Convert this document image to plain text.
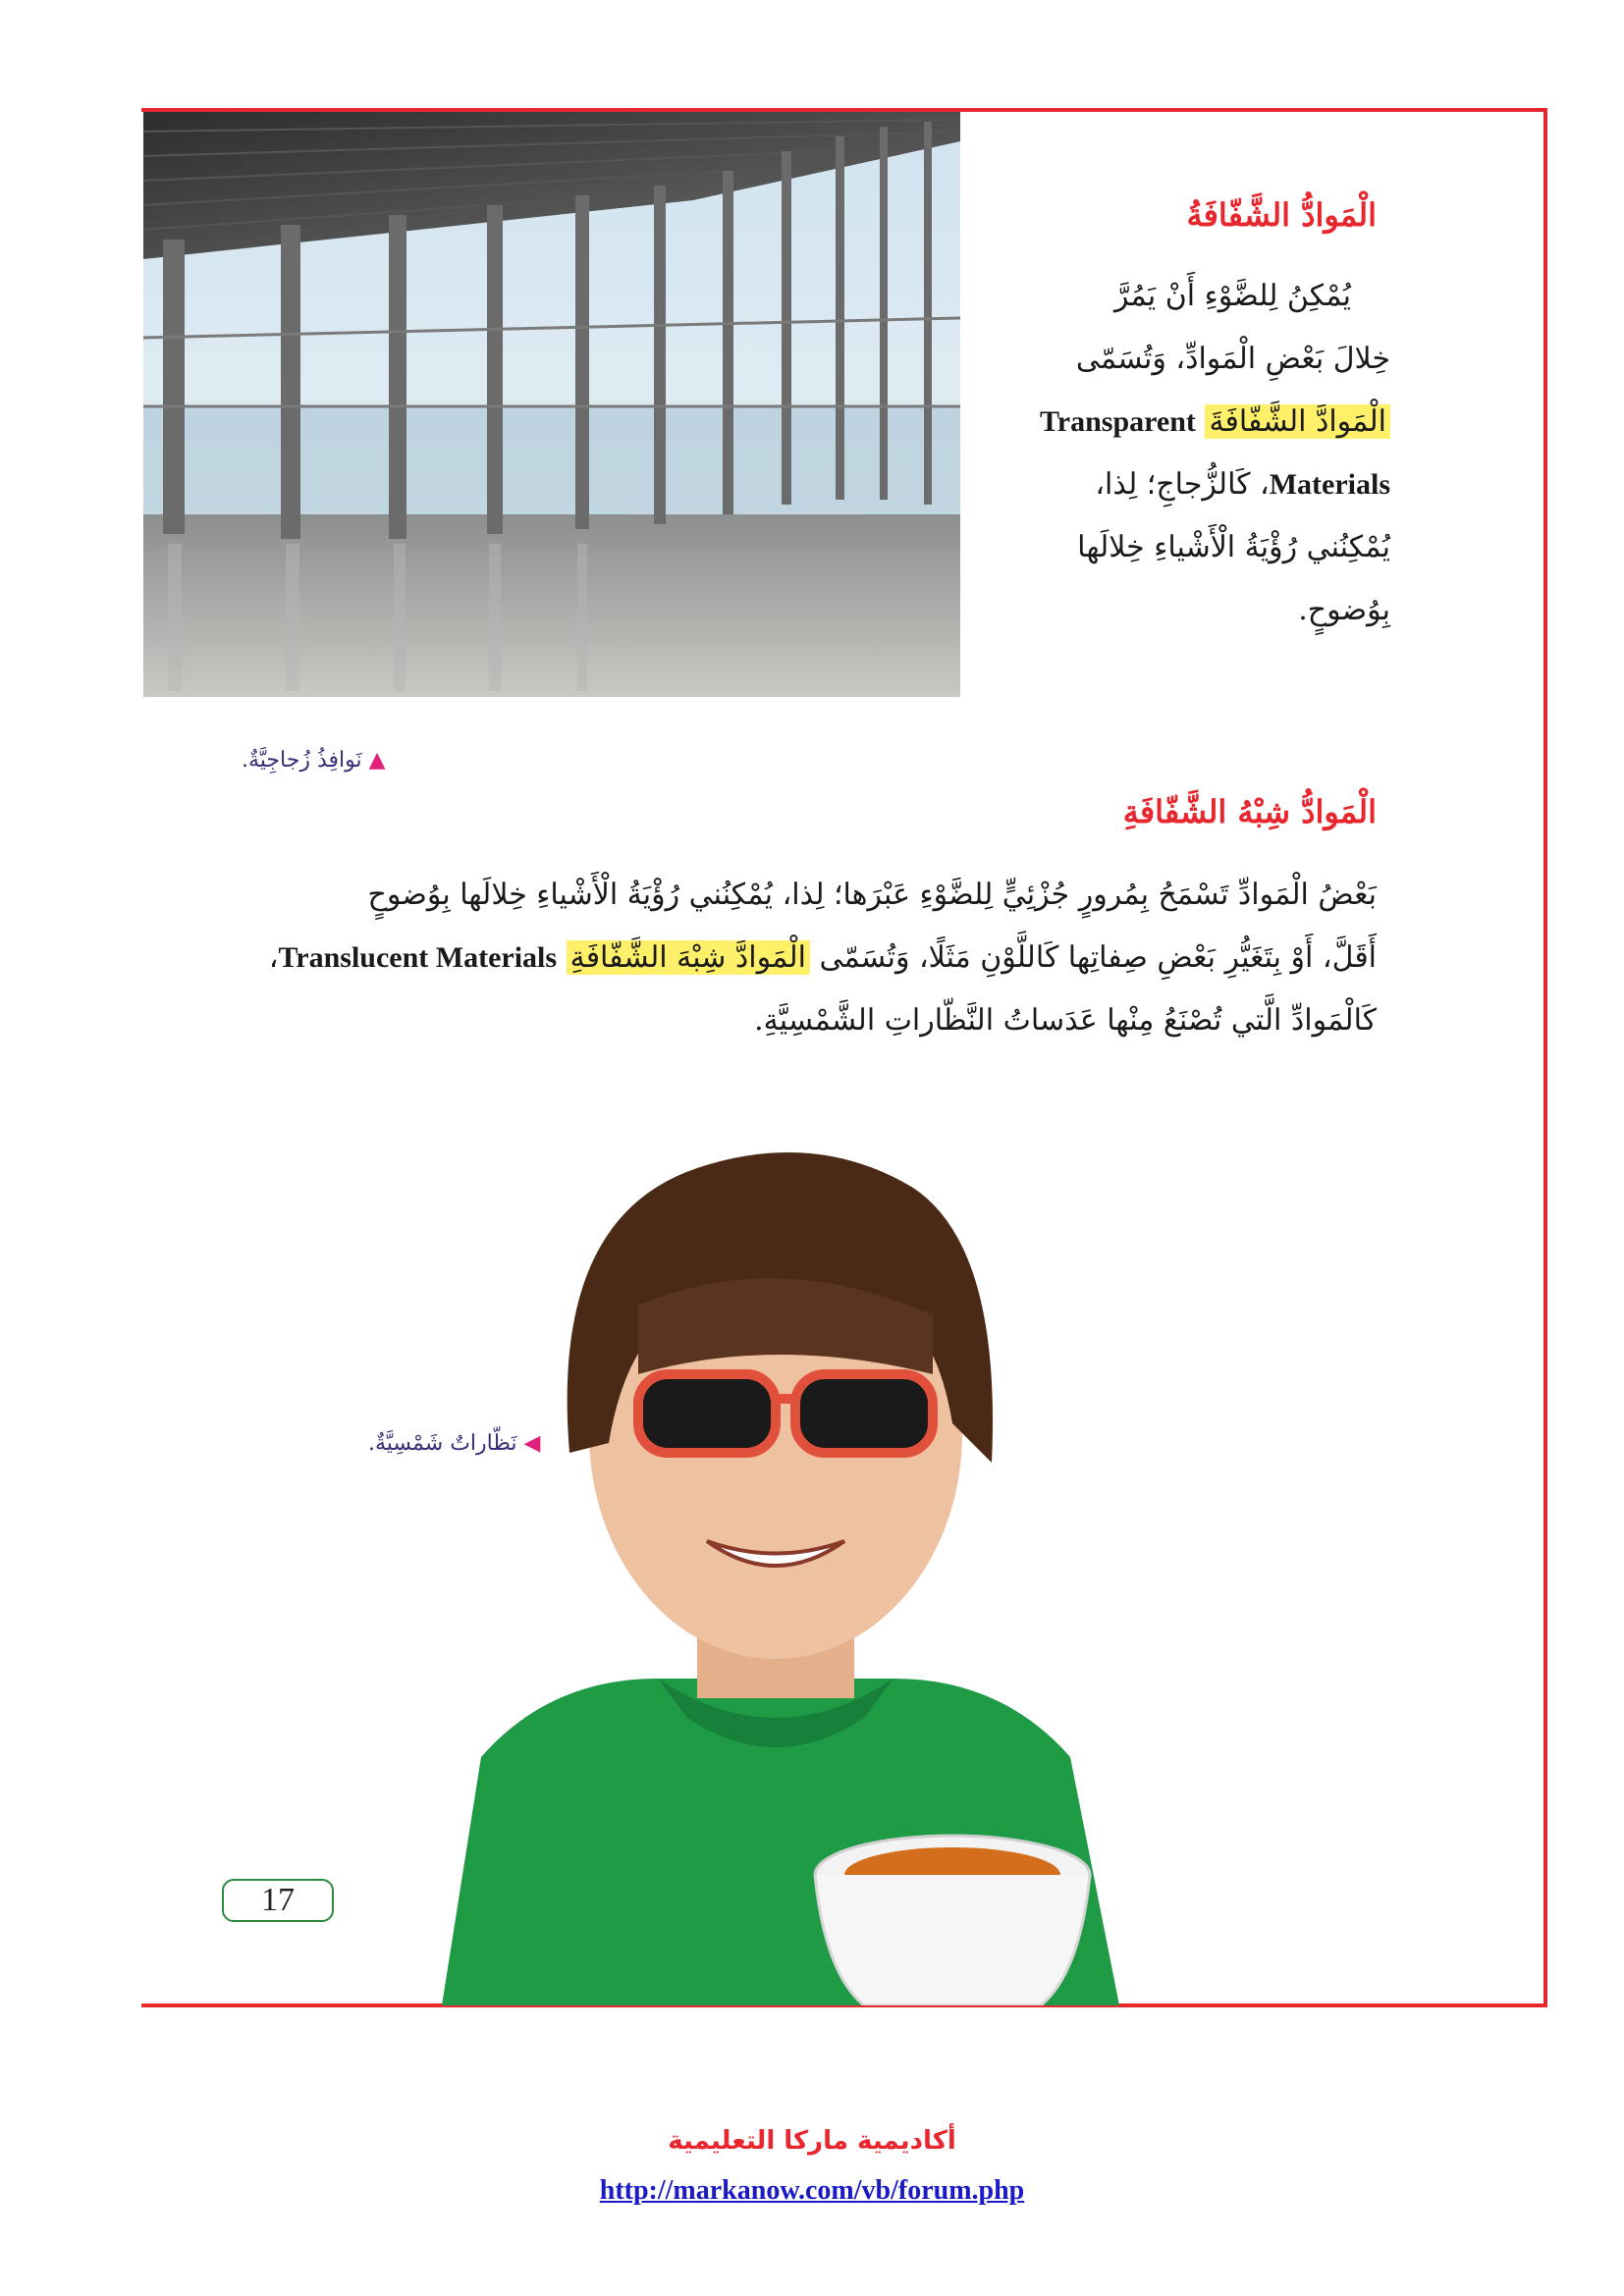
الْمَوادُّ الشَّفّافَةُ
يُمْكِنُ لِلضَّوْءِ أَنْ يَمُرَّ
خِلالَ بَعْضِ الْمَوادِّ، وَتُسَمّى
الْمَوادَّ الشَّفّافَةَ Transparent
Materials، كَالزُّجاجِ؛ لِذا،
يُمْكِنُني رُؤْيَةُ الْأَشْياءِ خِلالَها
بِوُضوحٍ.
▲ نَوافِذُ زُجاجِيَّةٌ.
الْمَوادُّ شِبْهُ الشَّفّافَةِ
بَعْضُ الْمَوادِّ تَسْمَحُ بِمُرورٍ جُزْئِيٍّ لِلضَّوْءِ عَبْرَها؛ لِذا، يُمْكِنُني رُؤْيَةُ الْأَشْياءِ خِلالَها بِوُضوحٍ
أَقَلَّ، أَوْ بِتَغَيُّرِ بَعْضِ صِفاتِها كَاللَّوْنِ مَثَلًا، وَتُسَمّى الْمَوادَّ شِبْهَ الشَّفّافَةِ Translucent Materials،
كَالْمَوادِّ الَّتي تُصْنَعُ مِنْها عَدَساتُ النَّظّاراتِ الشَّمْسِيَّةِ.
◀ نَظّاراتٌ شَمْسِيَّةٌ.
17
أكاديمية ماركا التعليمية
http://markanow.com/vb/forum.php
